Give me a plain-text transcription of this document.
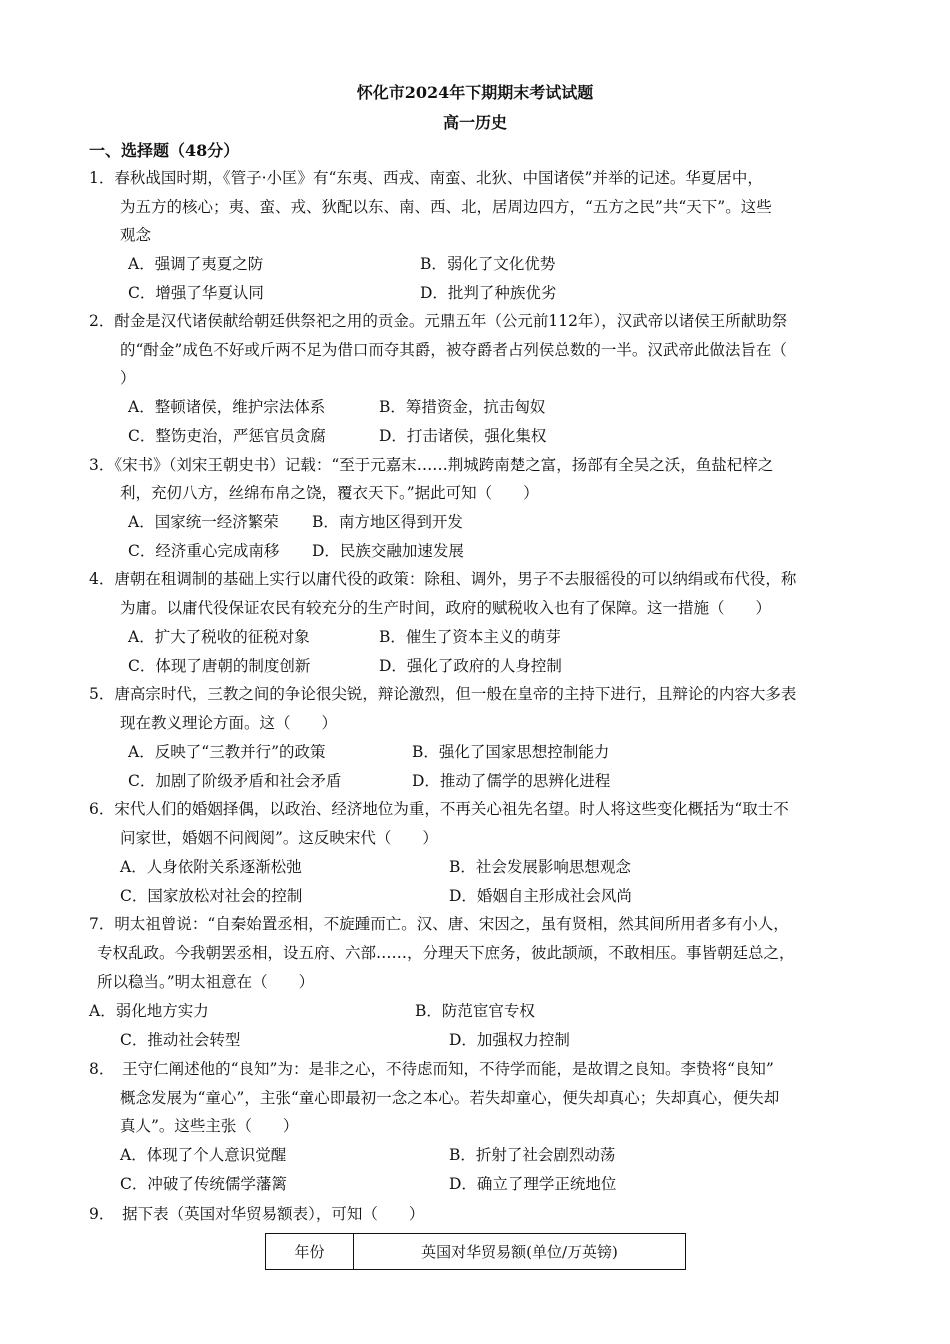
怀化市2024年下期期末考试试题
高一历史
一、选择题（48分）
1．春秋战国时期，《管子·小匡》有“东夷、西戎、南蛮、北狄、中国诸侯”并举的记述。华夏居中，
为五方的核心；夷、蛮、戎、狄配以东、南、西、北，居周边四方，“五方之民”共“天下”。这些
观念
A．强调了夷夏之防	B．弱化了文化优势
C．增强了华夏认同	D．批判了种族优劣
2．酎金是汉代诸侯献给朝廷供祭祀之用的贡金。元鼎五年（公元前112年），汉武帝以诸侯王所献助祭
的“酎金”成色不好或斤两不足为借口而夺其爵，被夺爵者占列侯总数的一半。汉武帝此做法旨在（
）
A．整顿诸侯，维护宗法体系	B．筹措资金，抗击匈奴
C．整饬吏治，严惩官员贪腐	D．打击诸侯，强化集权
3．《宋书》（刘宋王朝史书）记载：“至于元嘉末……荆城跨南楚之富，扬部有全吴之沃，鱼盐杞梓之
利，充仞八方，丝绵布帛之饶，覆衣天下。”据此可知（　　）
A．国家统一经济繁荣 B．南方地区得到开发
C．经济重心完成南移 D．民族交融加速发展
4．唐朝在租调制的基础上实行以庸代役的政策：除租、调外，男子不去服徭役的可以纳绢或布代役，称
为庸。以庸代役保证农民有较充分的生产时间，政府的赋税收入也有了保障。这一措施（　　）
A．扩大了税收的征税对象	B．催生了资本主义的萌芽
C．体现了唐朝的制度创新	D．强化了政府的人身控制
5．唐高宗时代，三教之间的争论很尖锐，辩论激烈，但一般在皇帝的主持下进行，且辩论的内容大多表
现在教义理论方面。这（　　）
A．反映了“三教并行”的政策	B．强化了国家思想控制能力
C．加剧了阶级矛盾和社会矛盾	D．推动了儒学的思辨化进程
6．宋代人们的婚姻择偶，以政治、经济地位为重，不再关心祖先名望。时人将这些变化概括为“取士不
问家世，婚姻不问阀阅”。这反映宋代（　　）
A．人身依附关系逐渐松弛	B．社会发展影响思想观念
C．国家放松对社会的控制	D．婚姻自主形成社会风尚
7．明太祖曾说：“自秦始置丞相，不旋踵而亡。汉、唐、宋因之，虽有贤相，然其间所用者多有小人，
专权乱政。今我朝罢丞相，设五府、六部……，分理天下庶务，彼此颉颃，不敢相压。事皆朝廷总之，
所以稳当。”明太祖意在（　　）
A．弱化地方实力	B．防范宦官专权
C．推动社会转型	D．加强权力控制
8．　王守仁阐述他的“良知”为：是非之心，不待虑而知，不待学而能，是故谓之良知。李贽将“良知”
概念发展为“童心”，主张“童心即最初一念之本心。若失却童心，便失却真心；失却真心，便失却
真人”。这些主张（　　）
A．体现了个人意识觉醒	B．折射了社会剧烈动荡
C．冲破了传统儒学藩篱	D．确立了理学正统地位
9．　据下表（英国对华贸易额表），可知（　　）
年份	英国对华贸易额(单位/万英镑)
